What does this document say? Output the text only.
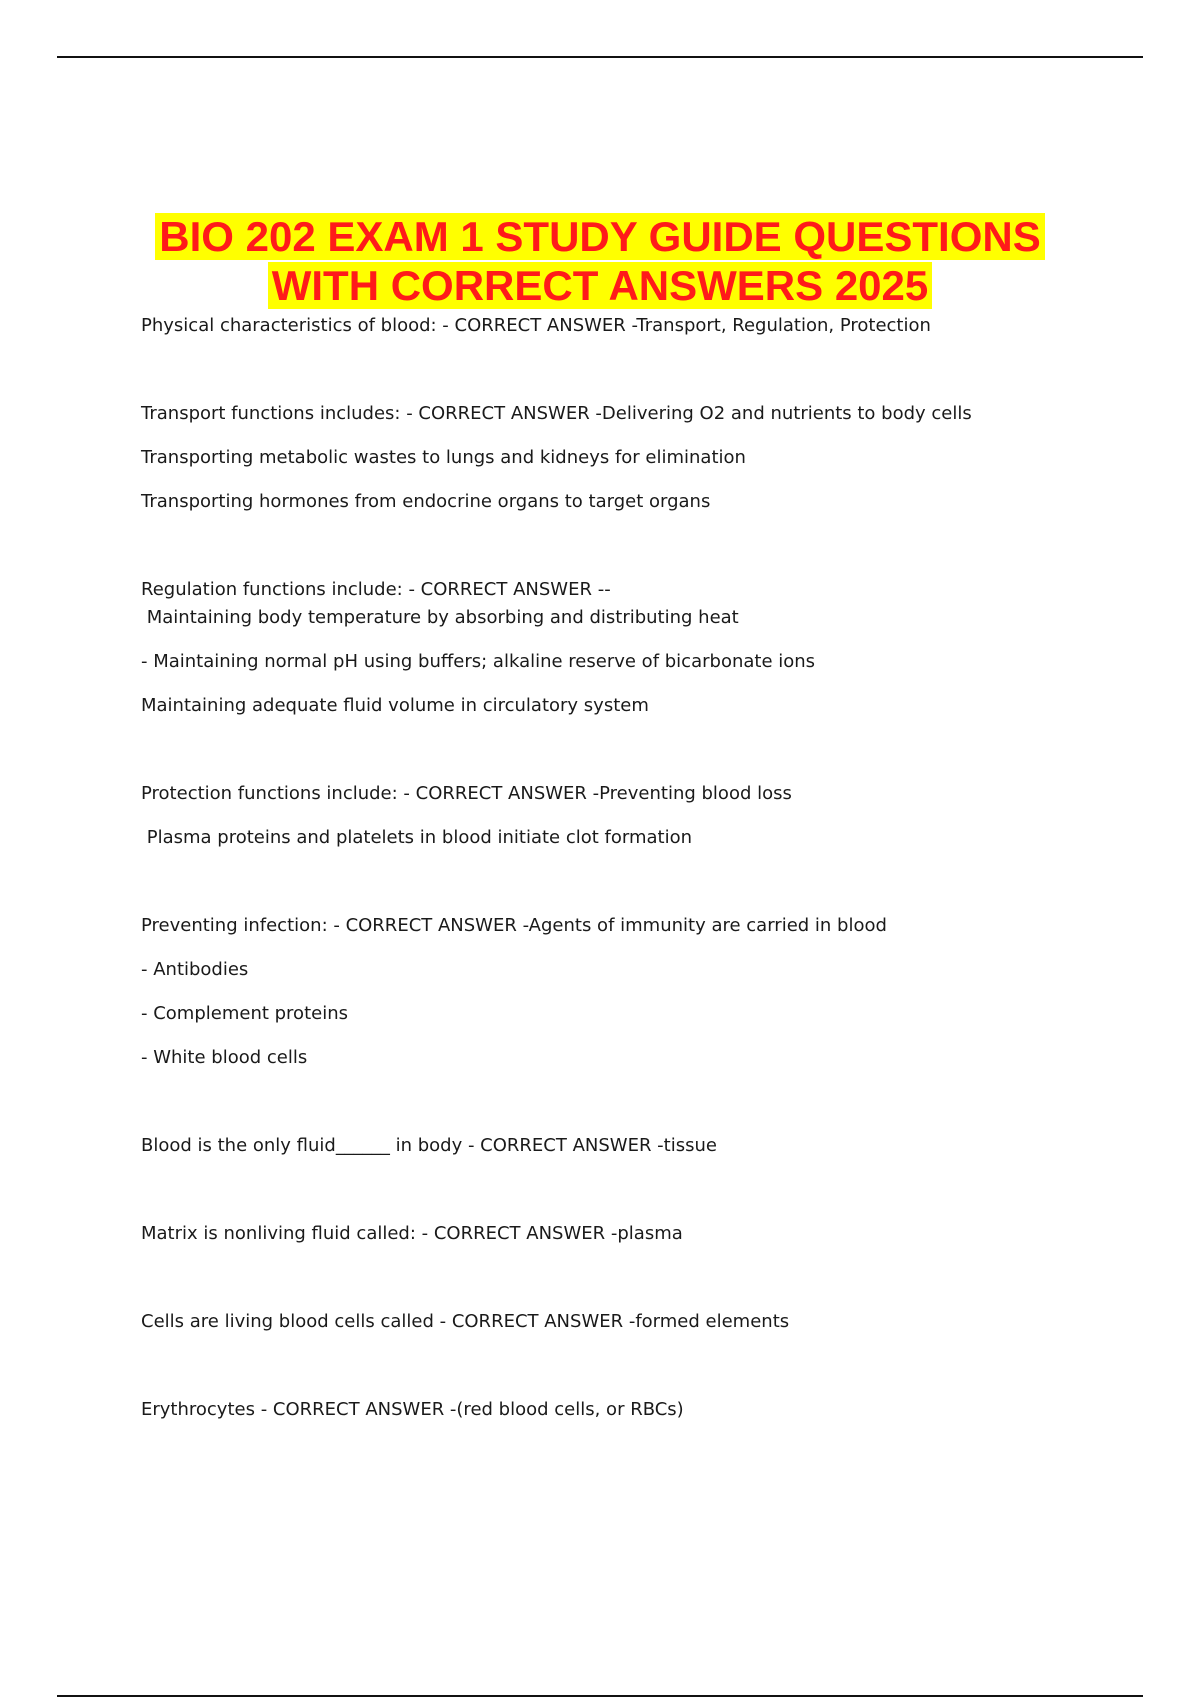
BIO 202 EXAM 1 STUDY GUIDE QUESTIONS
WITH CORRECT ANSWERS 2025
Physical characteristics of blood: - CORRECT ANSWER -Transport, Regulation, Protection
Transport functions includes: - CORRECT ANSWER -Delivering O2 and nutrients to body cells
Transporting metabolic wastes to lungs and kidneys for elimination
Transporting hormones from endocrine organs to target organs
Regulation functions include: - CORRECT ANSWER --
Maintaining body temperature by absorbing and distributing heat
- Maintaining normal pH using buffers; alkaline reserve of bicarbonate ions
Maintaining adequate fluid volume in circulatory system
Protection functions include: - CORRECT ANSWER -Preventing blood loss
Plasma proteins and platelets in blood initiate clot formation
Preventing infection: - CORRECT ANSWER -Agents of immunity are carried in blood
- Antibodies
- Complement proteins
- White blood cells
Blood is the only fluid______ in body - CORRECT ANSWER -tissue
Matrix is nonliving fluid called: - CORRECT ANSWER -plasma
Cells are living blood cells called - CORRECT ANSWER -formed elements
Erythrocytes - CORRECT ANSWER -(red blood cells, or RBCs)
